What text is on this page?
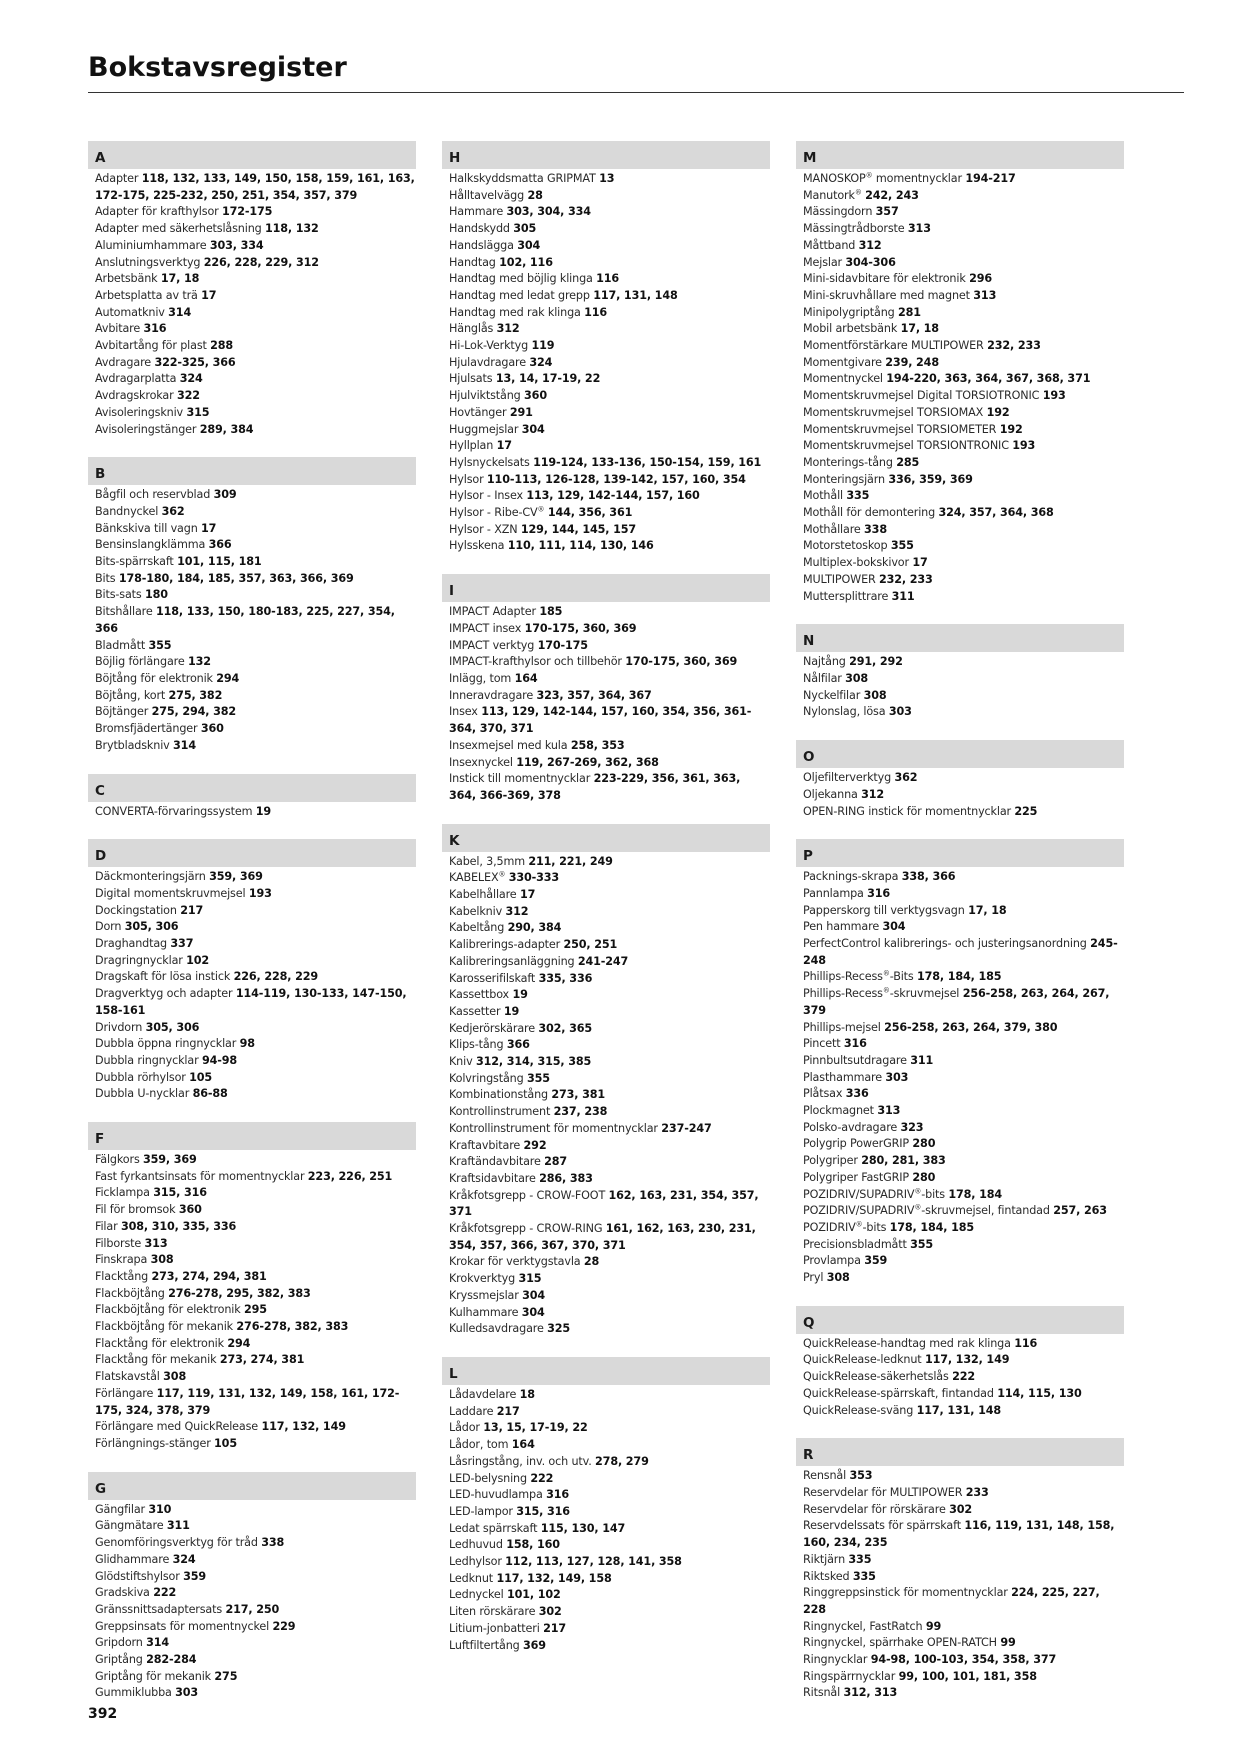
Bokstavsregister
A
Adapter 118, 132, 133, 149, 150, 158, 159, 161, 163, 172-175, 225-232, 250, 251, 354, 357, 379
Adapter för krafthylsor 172-175
Adapter med säkerhetslåsning 118, 132
Aluminiumhammare 303, 334
Anslutningsverktyg 226, 228, 229, 312
Arbetsbänk 17, 18
Arbetsplatta av trä 17
Automatkniv 314
Avbitare 316
Avbitartång för plast 288
Avdragare 322-325, 366
Avdragarplatta 324
Avdragskrokar 322
Avisoleringskniv 315
Avisoleringstänger 289, 384
B
Bågfil och reservblad 309
Bandnyckel 362
Bänkskiva till vagn 17
Bensinslangklämma 366
Bits-spärrskaft 101, 115, 181
Bits 178-180, 184, 185, 357, 363, 366, 369
Bits-sats 180
Bitshållare 118, 133, 150, 180-183, 225, 227, 354, 366
Bladmått 355
Böjlig förlängare 132
Böjtång för elektronik 294
Böjtång, kort 275, 382
Böjtänger 275, 294, 382
Bromsfjädertänger 360
Brytbladskniv 314
C
CONVERTA-förvaringssystem 19
D
Däckmonteringsjärn 359, 369
Digital momentskruvmejsel 193
Dockingstation 217
Dorn 305, 306
Draghandtag 337
Dragringnycklar 102
Dragskaft för lösa instick 226, 228, 229
Dragverktyg och adapter 114-119, 130-133, 147-150, 158-161
Drivdorn 305, 306
Dubbla öppna ringnycklar 98
Dubbla ringnycklar 94-98
Dubbla rörhylsor 105
Dubbla U-nycklar 86-88
F
Fälgkors 359, 369
Fast fyrkantsinsats för momentnycklar 223, 226, 251
Ficklampa 315, 316
Fil för bromsok 360
Filar 308, 310, 335, 336
Filborste 313
Finskrapa 308
Flacktång 273, 274, 294, 381
Flackböjtång 276-278, 295, 382, 383
Flackböjtång för elektronik 295
Flackböjtång för mekanik 276-278, 382, 383
Flacktång för elektronik 294
Flacktång för mekanik 273, 274, 381
Flatskavstål 308
Förlängare 117, 119, 131, 132, 149, 158, 161, 172-175, 324, 378, 379
Förlängare med QuickRelease 117, 132, 149
Förlängnings-stänger 105
G
Gängfilar 310
Gängmätare 311
Genomföringsverktyg för tråd 338
Glidhammare 324
Glödstiftshylsor 359
Gradskiva 222
Gränssnittsadaptersats 217, 250
Greppsinsats för momentnyckel 229
Gripdorn 314
Griptång 282-284
Griptång för mekanik 275
Gummiklubba 303
H
Halkskyddsmatta GRIPMAT 13
Hålltavelvägg 28
Hammare 303, 304, 334
Handskydd 305
Handslägga 304
Handtag 102, 116
Handtag med böjlig klinga 116
Handtag med ledat grepp 117, 131, 148
Handtag med rak klinga 116
Hänglås 312
Hi-Lok-Verktyg 119
Hjulavdragare 324
Hjulsats 13, 14, 17-19, 22
Hjulviktstång 360
Hovtänger 291
Huggmejslar 304
Hyllplan 17
Hylsnyckelsats 119-124, 133-136, 150-154, 159, 161
Hylsor 110-113, 126-128, 139-142, 157, 160, 354
Hylsor - Insex 113, 129, 142-144, 157, 160
Hylsor - Ribe-CV® 144, 356, 361
Hylsor - XZN 129, 144, 145, 157
Hylsskena 110, 111, 114, 130, 146
I
IMPACT Adapter 185
IMPACT insex 170-175, 360, 369
IMPACT verktyg 170-175
IMPACT-krafthylsor och tillbehör 170-175, 360, 369
Inlägg, tom 164
Inneravdragare 323, 357, 364, 367
Insex 113, 129, 142-144, 157, 160, 354, 356, 361-364, 370, 371
Insexmejsel med kula 258, 353
Insexnyckel 119, 267-269, 362, 368
Instick till momentnycklar 223-229, 356, 361, 363, 364, 366-369, 378
K
Kabel, 3,5mm 211, 221, 249
KABELEX® 330-333
Kabelhållare 17
Kabelkniv 312
Kabeltång 290, 384
Kalibrerings-adapter 250, 251
Kalibreringsanläggning 241-247
Karosserifilskaft 335, 336
Kassettbox 19
Kassetter 19
Kedjerörskärare 302, 365
Klips-tång 366
Kniv 312, 314, 315, 385
Kolvringstång 355
Kombinationstång 273, 381
Kontrollinstrument 237, 238
Kontrollinstrument för momentnycklar 237-247
Kraftavbitare 292
Kraftändavbitare 287
Kraftsidavbitare 286, 383
Kråkfotsgrepp - CROW-FOOT 162, 163, 231, 354, 357, 371
Kråkfotsgrepp - CROW-RING 161, 162, 163, 230, 231, 354, 357, 366, 367, 370, 371
Krokar för verktygstavla 28
Krokverktyg 315
Kryssmejslar 304
Kulhammare 304
Kulledsavdragare 325
L
Lådavdelare 18
Laddare 217
Lådor 13, 15, 17-19, 22
Lådor, tom 164
Låsringstång, inv. och utv. 278, 279
LED-belysning 222
LED-huvudlampa 316
LED-lampor 315, 316
Ledat spärrskaft 115, 130, 147
Ledhuvud 158, 160
Ledhylsor 112, 113, 127, 128, 141, 358
Ledknut 117, 132, 149, 158
Lednyckel 101, 102
Liten rörskärare 302
Litium-jonbatteri 217
Luftfiltertång 369
M
MANOSKOP® momentnycklar 194-217
Manutork® 242, 243
Mässingdorn 357
Mässingtrådborste 313
Måttband 312
Mejslar 304-306
Mini-sidavbitare för elektronik 296
Mini-skruvhållare med magnet 313
Minipolygriptång 281
Mobil arbetsbänk 17, 18
Momentförstärkare MULTIPOWER 232, 233
Momentgivare 239, 248
Momentnyckel 194-220, 363, 364, 367, 368, 371
Momentskruvmejsel Digital TORSIOTRONIC 193
Momentskruvmejsel TORSIOMAX 192
Momentskruvmejsel TORSIOMETER 192
Momentskruvmejsel TORSIONTRONIC 193
Monterings-tång 285
Monteringsjärn 336, 359, 369
Mothåll 335
Mothåll för demontering 324, 357, 364, 368
Mothållare 338
Motorstetoskop 355
Multiplex-bokskivor 17
MULTIPOWER 232, 233
Muttersplittrare 311
N
Najtång 291, 292
Nålfilar 308
Nyckelfilar 308
Nylonslag, lösa 303
O
Oljefilterverktyg 362
Oljekanna 312
OPEN-RING instick för momentnycklar 225
P
Packnings-skrapa 338, 366
Pannlampa 316
Papperskorg till verktygsvagn 17, 18
Pen hammare 304
PerfectControl kalibrerings- och justeringsanordning 245-248
Phillips-Recess®-Bits 178, 184, 185
Phillips-Recess®-skruvmejsel 256-258, 263, 264, 267, 379
Phillips-mejsel 256-258, 263, 264, 379, 380
Pincett 316
Pinnbultsutdragare 311
Plasthammare 303
Plåtsax 336
Plockmagnet 313
Polsko-avdragare 323
Polygrip PowerGRIP 280
Polygriper 280, 281, 383
Polygriper FastGRIP 280
POZIDRIV/SUPADRIV®-bits 178, 184
POZIDRIV/SUPADRIV®-skruvmejsel, fintandad 257, 263
POZIDRIV®-bits 178, 184, 185
Precisionsbladmått 355
Provlampa 359
Pryl 308
Q
QuickRelease-handtag med rak klinga 116
QuickRelease-ledknut 117, 132, 149
QuickRelease-säkerhetslås 222
QuickRelease-spärrskaft, fintandad 114, 115, 130
QuickRelease-sväng 117, 131, 148
R
Rensnål 353
Reservdelar för MULTIPOWER 233
Reservdelar för rörskärare 302
Reservdelssats för spärrskaft 116, 119, 131, 148, 158, 160, 234, 235
Riktjärn 335
Riktsked 335
Ringgreppsinstick för momentnycklar 224, 225, 227, 228
Ringnyckel, FastRatch 99
Ringnyckel, spärrhake OPEN-RATCH 99
Ringnycklar 94-98, 100-103, 354, 358, 377
Ringspärrnycklar 99, 100, 101, 181, 358
Ritsnål 312, 313
392
